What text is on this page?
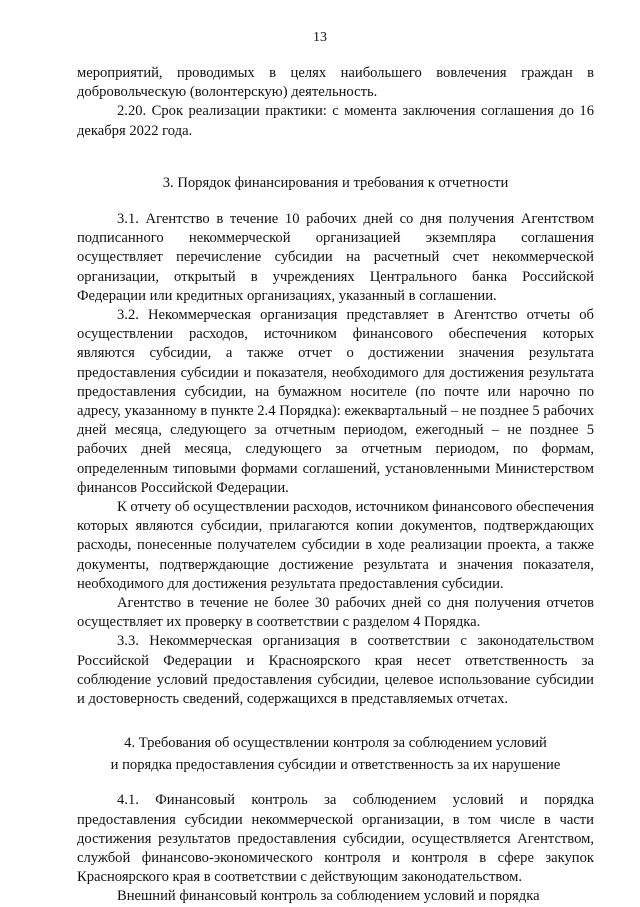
13

мероприятий, проводимых в целях наибольшего вовлечения граждан в добровольческую (волонтерскую) деятельность.

2.20. Срок реализации практики: с момента заключения соглашения до 16 декабря 2022 года.

3. Порядок финансирования и требования к отчетности

3.1. Агентство в течение 10 рабочих дней со дня получения Агентством подписанного некоммерческой организацией экземпляра соглашения осуществляет перечисление субсидии на расчетный счет некоммерческой организации, открытый в учреждениях Центрального банка Российской Федерации или кредитных организациях, указанный в соглашении.

3.2. Некоммерческая организация представляет в Агентство отчеты об осуществлении расходов, источником финансового обеспечения которых являются субсидии, а также отчет о достижении значения результата предоставления субсидии и показателя, необходимого для достижения результата предоставления субсидии, на бумажном носителе (по почте или нарочно по адресу, указанному в пункте 2.4 Порядка): ежеквартальный – не позднее 5 рабочих дней месяца, следующего за отчетным периодом, ежегодный – не позднее 5 рабочих дней месяца, следующего за отчетным периодом, по формам, определенным типовыми формами соглашений, установленными Министерством финансов Российской Федерации.

К отчету об осуществлении расходов, источником финансового обеспечения которых являются субсидии, прилагаются копии документов, подтверждающих расходы, понесенные получателем субсидии в ходе реализации проекта, а также документы, подтверждающие достижение результата и значения показателя, необходимого для достижения результата предоставления субсидии.

Агентство в течение не более 30 рабочих дней со дня получения отчетов осуществляет их проверку в соответствии с разделом 4 Порядка.

3.3. Некоммерческая организация в соответствии с законодательством Российской Федерации и Красноярского края несет ответственность за соблюдение условий предоставления субсидии, целевое использование субсидии и достоверность сведений, содержащихся в представляемых отчетах.

4. Требования об осуществлении контроля за соблюдением условий
и порядка предоставления субсидии и ответственность за их нарушение

4.1. Финансовый контроль за соблюдением условий и порядка предоставления субсидии некоммерческой организации, в том числе в части достижения результатов предоставления субсидии, осуществляется Агентством, службой финансово-экономического контроля и контроля в сфере закупок Красноярского края в соответствии с действующим законодательством.

Внешний финансовый контроль за соблюдением условий и порядка
